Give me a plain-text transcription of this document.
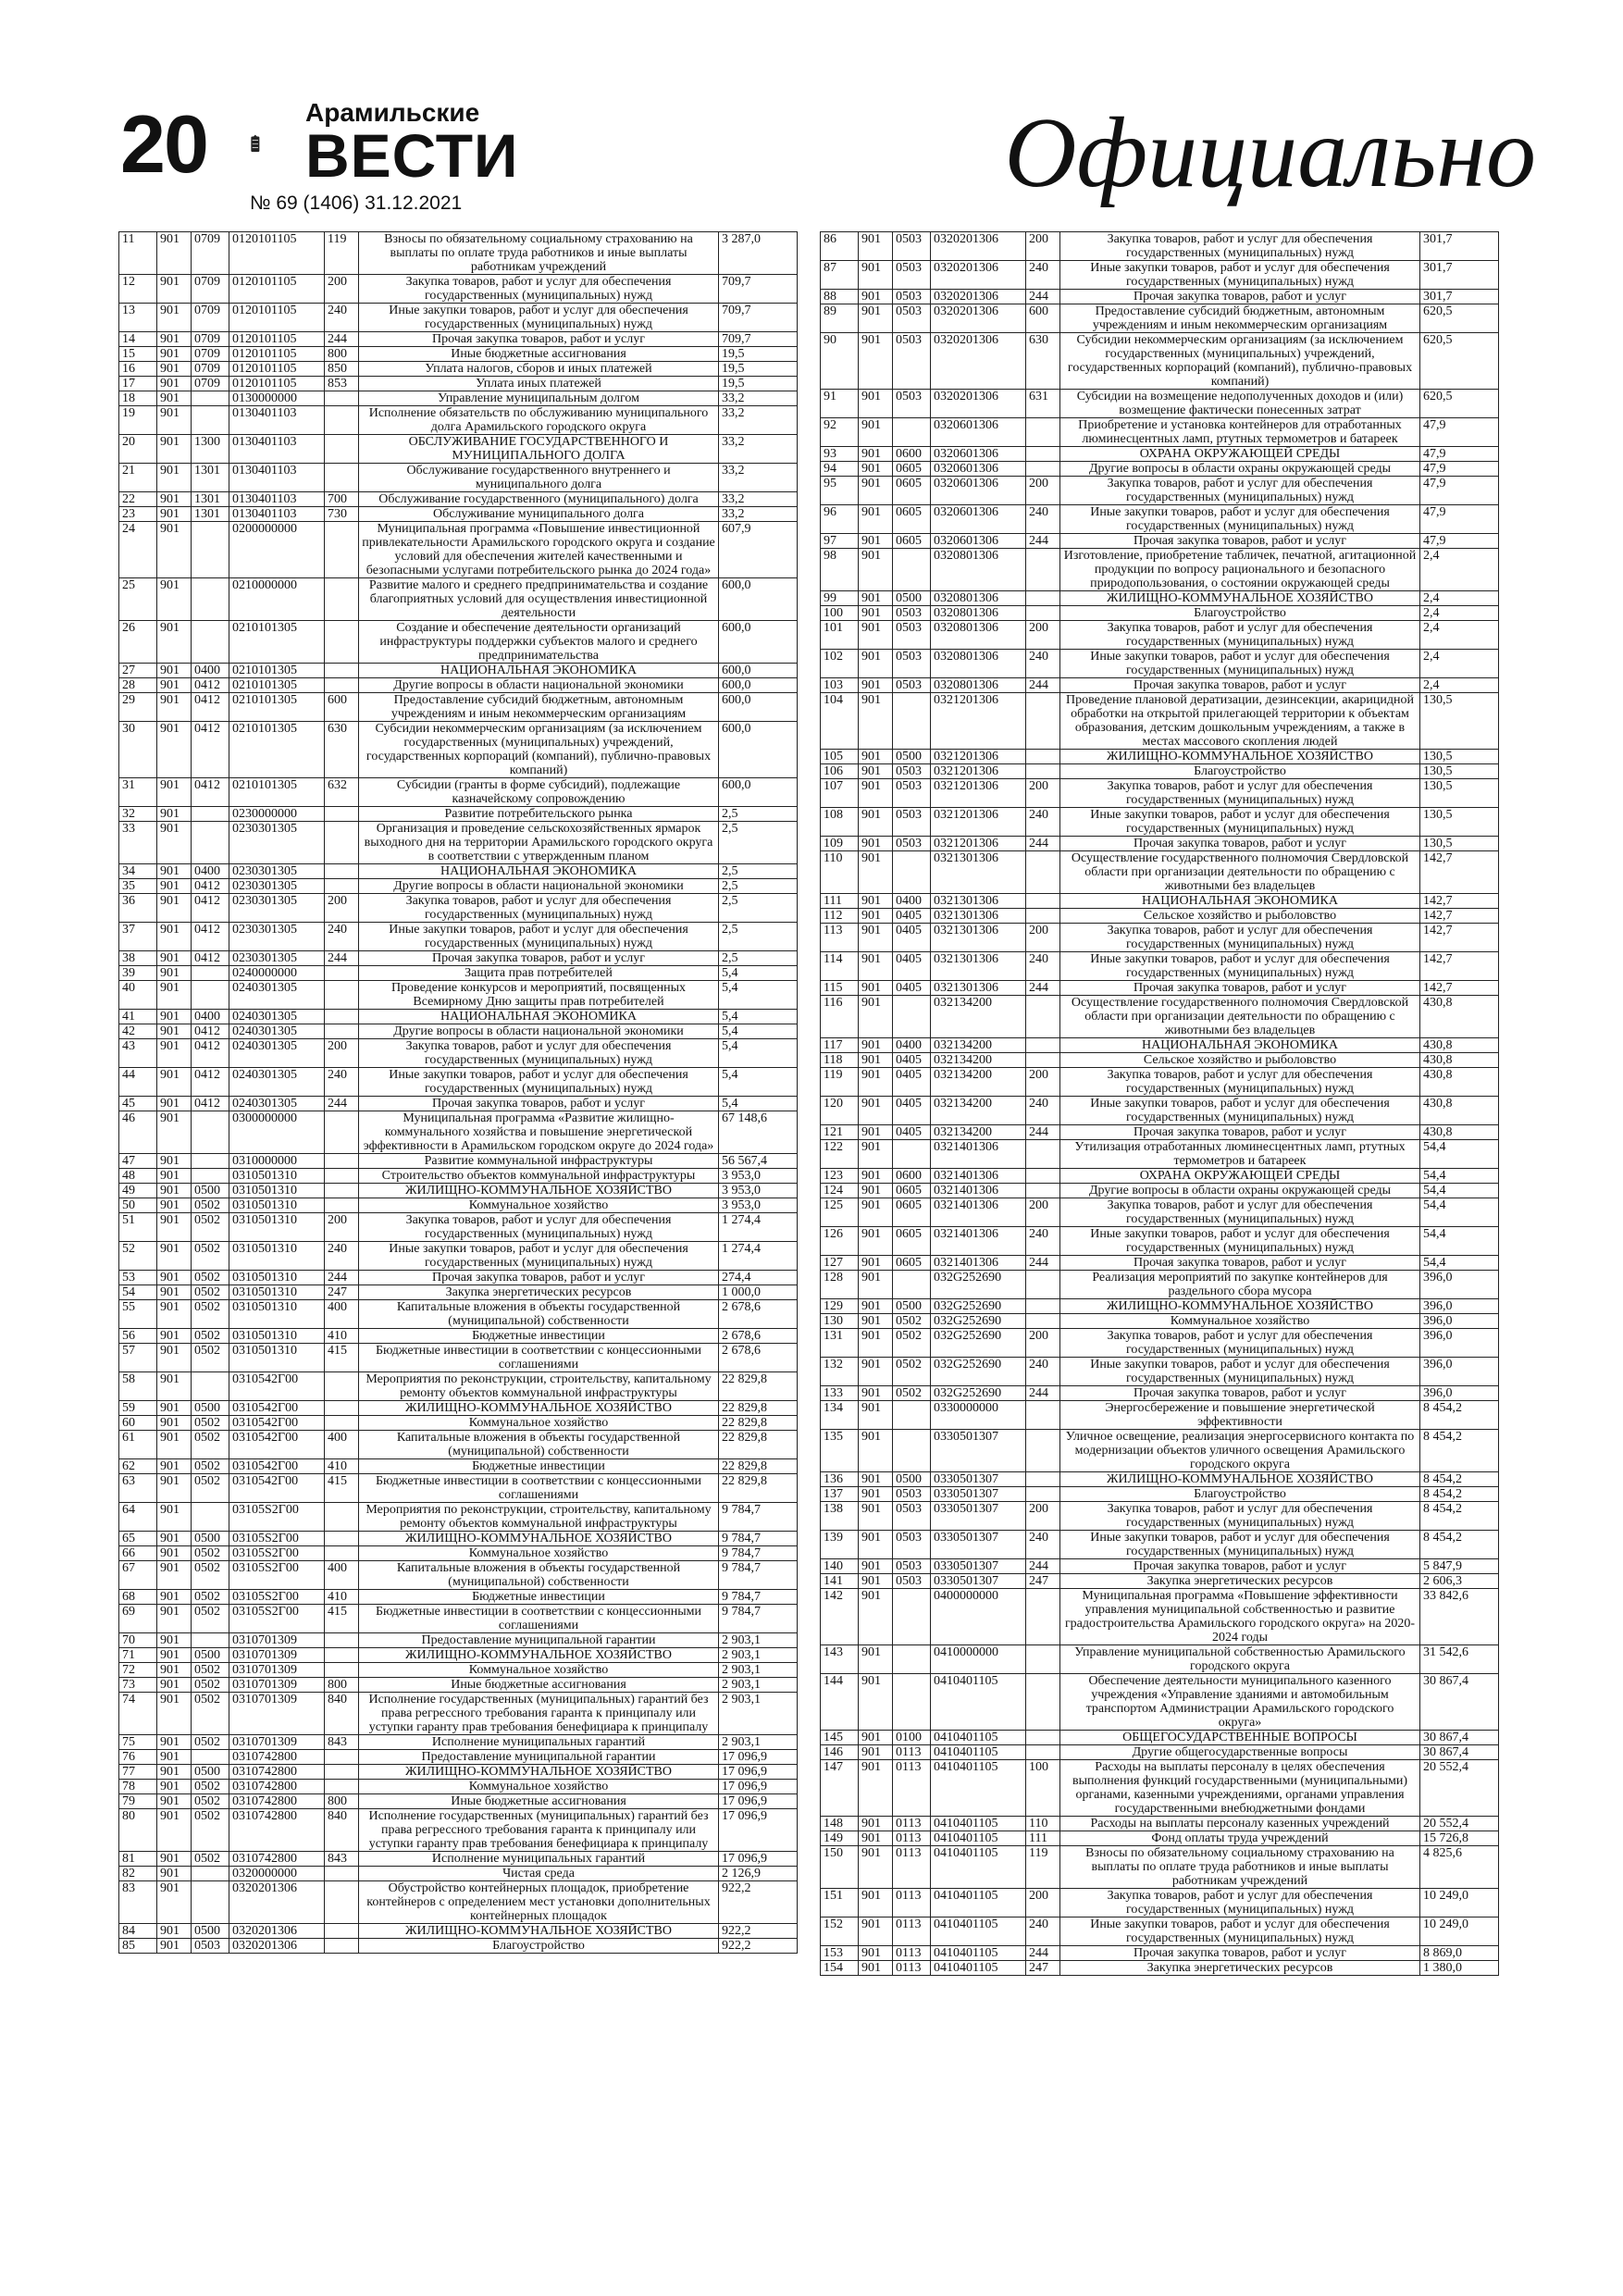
20	Арамильские
ВЕСТИ
№ 69 (1406) 31.12.2021	Официально
11	901	0709	0120101105	119	Взносы по обязательному социальному страхованию на выплаты по оплате труда работников и иные выплаты работникам учреждений	3 287,0
12	901	0709	0120101105	200	Закупка товаров, работ и услуг для обеспечения государственных (муниципальных) нужд	709,7
13	901	0709	0120101105	240	Иные закупки товаров, работ и услуг для обеспечения государственных (муниципальных) нужд	709,7
14	901	0709	0120101105	244	Прочая закупка товаров, работ и услуг	709,7
15	901	0709	0120101105	800	Иные бюджетные ассигнования	19,5
16	901	0709	0120101105	850	Уплата налогов, сборов и иных платежей	19,5
17	901	0709	0120101105	853	Уплата иных платежей	19,5
18	901		0130000000		Управление муниципальным долгом	33,2
19	901		0130401103		Исполнение обязательств по обслуживанию муниципального долга Арамильского городского округа	33,2
20	901	1300	0130401103		ОБСЛУЖИВАНИЕ ГОСУДАРСТВЕННОГО И МУНИЦИПАЛЬНОГО ДОЛГА	33,2
21	901	1301	0130401103		Обслуживание государственного внутреннего и муниципального долга	33,2
22	901	1301	0130401103	700	Обслуживание государственного (муниципального) долга	33,2
23	901	1301	0130401103	730	Обслуживание муниципального долга	33,2
24	901		0200000000		Муниципальная программа «Повышение инвестиционной привлекательности Арамильского городского округа и создание условий для обеспечения жителей качественными и безопасными услугами потребительского рынка до 2024 года»	607,9
25	901		0210000000		Развитие малого и среднего предпринимательства и создание благоприятных условий для осуществления инвестиционной деятельности	600,0
26	901		0210101305		Создание и обеспечение деятельности организаций инфраструктуры поддержки субъектов малого и среднего предпринимательства	600,0
27	901	0400	0210101305		НАЦИОНАЛЬНАЯ ЭКОНОМИКА	600,0
28	901	0412	0210101305		Другие вопросы в области национальной экономики	600,0
29	901	0412	0210101305	600	Предоставление субсидий бюджетным, автономным учреждениям и иным некоммерческим организациям	600,0
30	901	0412	0210101305	630	Субсидии некоммерческим организациям (за исключением государственных (муниципальных) учреждений, государственных корпораций (компаний), публично-правовых компаний)	600,0
31	901	0412	0210101305	632	Субсидии (гранты в форме субсидий), подлежащие казначейскому сопровождению	600,0
32	901		0230000000		Развитие потребительского рынка	2,5
33	901		0230301305		Организация и проведение сельскохозяйственных ярмарок выходного дня на территории Арамильского городского округа в соответствии с утвержденным планом	2,5
34	901	0400	0230301305		НАЦИОНАЛЬНАЯ ЭКОНОМИКА	2,5
35	901	0412	0230301305		Другие вопросы в области национальной экономики	2,5
36	901	0412	0230301305	200	Закупка товаров, работ и услуг для обеспечения государственных (муниципальных) нужд	2,5
37	901	0412	0230301305	240	Иные закупки товаров, работ и услуг для обеспечения государственных (муниципальных) нужд	2,5
38	901	0412	0230301305	244	Прочая закупка товаров, работ и услуг	2,5
39	901		0240000000		Защита прав потребителей	5,4
40	901		0240301305		Проведение конкурсов и мероприятий, посвященных Всемирному Дню защиты прав потребителей	5,4
41	901	0400	0240301305		НАЦИОНАЛЬНАЯ ЭКОНОМИКА	5,4
42	901	0412	0240301305		Другие вопросы в области национальной экономики	5,4
43	901	0412	0240301305	200	Закупка товаров, работ и услуг для обеспечения государственных (муниципальных) нужд	5,4
44	901	0412	0240301305	240	Иные закупки товаров, работ и услуг для обеспечения государственных (муниципальных) нужд	5,4
45	901	0412	0240301305	244	Прочая закупка товаров, работ и услуг	5,4
46	901		0300000000		Муниципальная программа «Развитие жилищно-коммунального хозяйства и повышение энергетической эффективности в Арамильском городском округе до 2024 года»	67 148,6
47	901		0310000000		Развитие коммунальной инфраструктуры	56 567,4
48	901		0310501310		Строительство объектов коммунальной инфраструктуры	3 953,0
49	901	0500	0310501310		ЖИЛИЩНО-КОММУНАЛЬНОЕ ХОЗЯЙСТВО	3 953,0
50	901	0502	0310501310		Коммунальное хозяйство	3 953,0
51	901	0502	0310501310	200	Закупка товаров, работ и услуг для обеспечения государственных (муниципальных) нужд	1 274,4
52	901	0502	0310501310	240	Иные закупки товаров, работ и услуг для обеспечения государственных (муниципальных) нужд	1 274,4
53	901	0502	0310501310	244	Прочая закупка товаров, работ и услуг	274,4
54	901	0502	0310501310	247	Закупка энергетических ресурсов	1 000,0
55	901	0502	0310501310	400	Капитальные вложения в объекты государственной (муниципальной) собственности	2 678,6
56	901	0502	0310501310	410	Бюджетные инвестиции	2 678,6
57	901	0502	0310501310	415	Бюджетные инвестиции в соответствии с концессионными соглашениями	2 678,6
58	901		0310542Г00		Мероприятия по реконструкции, строительству, капитальному ремонту объектов коммунальной инфраструктуры	22 829,8
59	901	0500	0310542Г00		ЖИЛИЩНО-КОММУНАЛЬНОЕ ХОЗЯЙСТВО	22 829,8
60	901	0502	0310542Г00		Коммунальное хозяйство	22 829,8
61	901	0502	0310542Г00	400	Капитальные вложения в объекты государственной (муниципальной) собственности	22 829,8
62	901	0502	0310542Г00	410	Бюджетные инвестиции	22 829,8
63	901	0502	0310542Г00	415	Бюджетные инвестиции в соответствии с концессионными соглашениями	22 829,8
64	901		03105S2Г00		Мероприятия по реконструкции, строительству, капитальному ремонту объектов коммунальной инфраструктуры	9 784,7
65	901	0500	03105S2Г00		ЖИЛИЩНО-КОММУНАЛЬНОЕ ХОЗЯЙСТВО	9 784,7
66	901	0502	03105S2Г00		Коммунальное хозяйство	9 784,7
67	901	0502	03105S2Г00	400	Капитальные вложения в объекты государственной (муниципальной) собственности	9 784,7
68	901	0502	03105S2Г00	410	Бюджетные инвестиции	9 784,7
69	901	0502	03105S2Г00	415	Бюджетные инвестиции в соответствии с концессионными соглашениями	9 784,7
70	901		0310701309		Предоставление муниципальной гарантии	2 903,1
71	901	0500	0310701309		ЖИЛИЩНО-КОММУНАЛЬНОЕ ХОЗЯЙСТВО	2 903,1
72	901	0502	0310701309		Коммунальное хозяйство	2 903,1
73	901	0502	0310701309	800	Иные бюджетные ассигнования	2 903,1
74	901	0502	0310701309	840	Исполнение государственных (муниципальных) гарантий без права регрессного требования гаранта к принципалу или уступки гаранту прав требования бенефициара к принципалу	2 903,1
75	901	0502	0310701309	843	Исполнение муниципальных гарантий	2 903,1
76	901		0310742800		Предоставление муниципальной гарантии	17 096,9
77	901	0500	0310742800		ЖИЛИЩНО-КОММУНАЛЬНОЕ ХОЗЯЙСТВО	17 096,9
78	901	0502	0310742800		Коммунальное хозяйство	17 096,9
79	901	0502	0310742800	800	Иные бюджетные ассигнования	17 096,9
80	901	0502	0310742800	840	Исполнение государственных (муниципальных) гарантий без права регрессного требования гаранта к принципалу или уступки гаранту прав требования бенефициара к принципалу	17 096,9
81	901	0502	0310742800	843	Исполнение муниципальных гарантий	17 096,9
82	901		0320000000		Чистая среда	2 126,9
83	901		0320201306		Обустройство контейнерных площадок, приобретение контейнеров с определением мест установки дополнительных контейнерных площадок	922,2
84	901	0500	0320201306		ЖИЛИЩНО-КОММУНАЛЬНОЕ ХОЗЯЙСТВО	922,2
85	901	0503	0320201306		Благоустройство	922,2
86	901	0503	0320201306	200	Закупка товаров, работ и услуг для обеспечения государственных (муниципальных) нужд	301,7
87	901	0503	0320201306	240	Иные закупки товаров, работ и услуг для обеспечения государственных (муниципальных) нужд	301,7
88	901	0503	0320201306	244	Прочая закупка товаров, работ и услуг	301,7
89	901	0503	0320201306	600	Предоставление субсидий бюджетным, автономным учреждениям и иным некоммерческим организациям	620,5
90	901	0503	0320201306	630	Субсидии некоммерческим организациям (за исключением государственных (муниципальных) учреждений, государственных корпораций (компаний), публично-правовых компаний)	620,5
91	901	0503	0320201306	631	Субсидии на возмещение недополученных доходов и (или) возмещение фактически понесенных затрат	620,5
92	901		0320601306		Приобретение и установка контейнеров для отработанных люминесцентных ламп, ртутных термометров и батареек	47,9
93	901	0600	0320601306		ОХРАНА ОКРУЖАЮЩЕЙ СРЕДЫ	47,9
94	901	0605	0320601306		Другие вопросы в области охраны окружающей среды	47,9
95	901	0605	0320601306	200	Закупка товаров, работ и услуг для обеспечения государственных (муниципальных) нужд	47,9
96	901	0605	0320601306	240	Иные закупки товаров, работ и услуг для обеспечения государственных (муниципальных) нужд	47,9
97	901	0605	0320601306	244	Прочая закупка товаров, работ и услуг	47,9
98	901		0320801306		Изготовление, приобретение табличек, печатной, агитационной продукции по вопросу рационального и безопасного природопользования, о состоянии окружающей среды	2,4
99	901	0500	0320801306		ЖИЛИЩНО-КОММУНАЛЬНОЕ ХОЗЯЙСТВО	2,4
100	901	0503	0320801306		Благоустройство	2,4
101	901	0503	0320801306	200	Закупка товаров, работ и услуг для обеспечения государственных (муниципальных) нужд	2,4
102	901	0503	0320801306	240	Иные закупки товаров, работ и услуг для обеспечения государственных (муниципальных) нужд	2,4
103	901	0503	0320801306	244	Прочая закупка товаров, работ и услуг	2,4
104	901		0321201306		Проведение плановой дератизации, дезинсекции, акарицидной обработки на открытой прилегающей территории к объектам образования, детским дошкольным учреждениям, а также в местах массового скопления людей	130,5
105	901	0500	0321201306		ЖИЛИЩНО-КОММУНАЛЬНОЕ ХОЗЯЙСТВО	130,5
106	901	0503	0321201306		Благоустройство	130,5
107	901	0503	0321201306	200	Закупка товаров, работ и услуг для обеспечения государственных (муниципальных) нужд	130,5
108	901	0503	0321201306	240	Иные закупки товаров, работ и услуг для обеспечения государственных (муниципальных) нужд	130,5
109	901	0503	0321201306	244	Прочая закупка товаров, работ и услуг	130,5
110	901		0321301306		Осуществление государственного полномочия Свердловской области при организации деятельности по обращению с животными без владельцев	142,7
111	901	0400	0321301306		НАЦИОНАЛЬНАЯ ЭКОНОМИКА	142,7
112	901	0405	0321301306		Сельское хозяйство и рыболовство	142,7
113	901	0405	0321301306	200	Закупка товаров, работ и услуг для обеспечения государственных (муниципальных) нужд	142,7
114	901	0405	0321301306	240	Иные закупки товаров, работ и услуг для обеспечения государственных (муниципальных) нужд	142,7
115	901	0405	0321301306	244	Прочая закупка товаров, работ и услуг	142,7
116	901		032134200		Осуществление государственного полномочия Свердловской области при организации деятельности по обращению с животными без владельцев	430,8
117	901	0400	032134200		НАЦИОНАЛЬНАЯ ЭКОНОМИКА	430,8
118	901	0405	032134200		Сельское хозяйство и рыболовство	430,8
119	901	0405	032134200	200	Закупка товаров, работ и услуг для обеспечения государственных (муниципальных) нужд	430,8
120	901	0405	032134200	240	Иные закупки товаров, работ и услуг для обеспечения государственных (муниципальных) нужд	430,8
121	901	0405	032134200	244	Прочая закупка товаров, работ и услуг	430,8
122	901		0321401306		Утилизация отработанных люминесцентных ламп, ртутных термометров и батареек	54,4
123	901	0600	0321401306		ОХРАНА ОКРУЖАЮЩЕЙ СРЕДЫ	54,4
124	901	0605	0321401306		Другие вопросы в области охраны окружающей среды	54,4
125	901	0605	0321401306	200	Закупка товаров, работ и услуг для обеспечения государственных (муниципальных) нужд	54,4
126	901	0605	0321401306	240	Иные закупки товаров, работ и услуг для обеспечения государственных (муниципальных) нужд	54,4
127	901	0605	0321401306	244	Прочая закупка товаров, работ и услуг	54,4
128	901		032G252690		Реализация мероприятий по закупке контейнеров для раздельного сбора мусора	396,0
129	901	0500	032G252690		ЖИЛИЩНО-КОММУНАЛЬНОЕ ХОЗЯЙСТВО	396,0
130	901	0502	032G252690		Коммунальное хозяйство	396,0
131	901	0502	032G252690	200	Закупка товаров, работ и услуг для обеспечения государственных (муниципальных) нужд	396,0
132	901	0502	032G252690	240	Иные закупки товаров, работ и услуг для обеспечения государственных (муниципальных) нужд	396,0
133	901	0502	032G252690	244	Прочая закупка товаров, работ и услуг	396,0
134	901		0330000000		Энергосбережение и повышение энергетической эффективности	8 454,2
135	901		0330501307		Уличное освещение, реализация энергосервисного контакта по модернизации объектов уличного освещения Арамильского городского округа	8 454,2
136	901	0500	0330501307		ЖИЛИЩНО-КОММУНАЛЬНОЕ ХОЗЯЙСТВО	8 454,2
137	901	0503	0330501307		Благоустройство	8 454,2
138	901	0503	0330501307	200	Закупка товаров, работ и услуг для обеспечения государственных (муниципальных) нужд	8 454,2
139	901	0503	0330501307	240	Иные закупки товаров, работ и услуг для обеспечения государственных (муниципальных) нужд	8 454,2
140	901	0503	0330501307	244	Прочая закупка товаров, работ и услуг	5 847,9
141	901	0503	0330501307	247	Закупка энергетических ресурсов	2 606,3
142	901		0400000000		Муниципальная программа «Повышение эффективности управления муниципальной собственностью и развитие градостроительства Арамильского городского округа» на 2020-2024 годы	33 842,6
143	901		0410000000		Управление муниципальной собственностью Арамильского городского округа	31 542,6
144	901		0410401105		Обеспечение деятельности муниципального казенного учреждения «Управление зданиями и автомобильным транспортом Администрации Арамильского городского округа»	30 867,4
145	901	0100	0410401105		ОБЩЕГОСУДАРСТВЕННЫЕ ВОПРОСЫ	30 867,4
146	901	0113	0410401105		Другие общегосударственные вопросы	30 867,4
147	901	0113	0410401105	100	Расходы на выплаты персоналу в целях обеспечения выполнения функций государственными (муниципальными) органами, казенными учреждениями, органами управления государственными внебюджетными фондами	20 552,4
148	901	0113	0410401105	110	Расходы на выплаты персоналу казенных учреждений	20 552,4
149	901	0113	0410401105	111	Фонд оплаты труда учреждений	15 726,8
150	901	0113	0410401105	119	Взносы по обязательному социальному страхованию на выплаты по оплате труда работников и иные выплаты работникам учреждений	4 825,6
151	901	0113	0410401105	200	Закупка товаров, работ и услуг для обеспечения государственных (муниципальных) нужд	10 249,0
152	901	0113	0410401105	240	Иные закупки товаров, работ и услуг для обеспечения государственных (муниципальных) нужд	10 249,0
153	901	0113	0410401105	244	Прочая закупка товаров, работ и услуг	8 869,0
154	901	0113	0410401105	247	Закупка энергетических ресурсов	1 380,0
